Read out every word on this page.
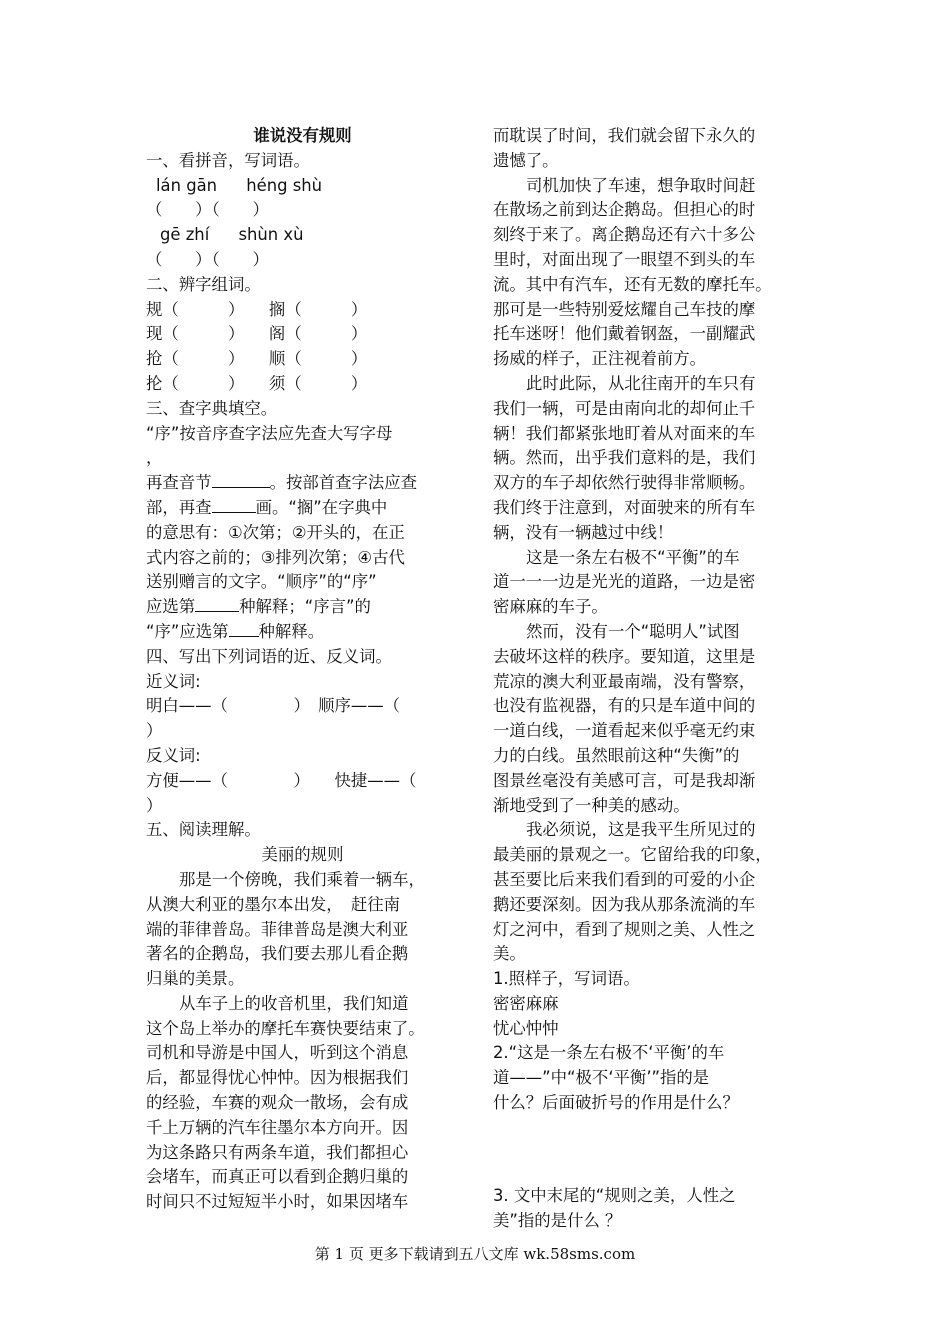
谁说没有规则
一、看拼音，写词语。
lán gān héng shù
（　　）（　　）
gē zhí shùn xù
（　　）（　　）
二、辨字组词。
规（　　　）　　搁（　　　）
现（　　　）　　阁（　　　）
抢（　　　）　　顺（　　　）
抡（　　　）　　须（　　　）
三、查字典填空。
“序”按音序查字法应先查大写字母
，
再查音节	。按部首查字法应查
部，再查	画。“搁”在字典中
的意思有：①次第；②开头的，在正
式内容之前的；③排列次第；④古代
送别赠言的文字。“顺序”的“序”
应选第	种解释；“序言”的
“序”应选第 种解释。
四、写出下列词语的近、反义词。
近义词:
明白——（　　　　）　顺序——（
）
反义词:
方便——（　　　　）　　快捷——（
）
五、阅读理解。
美丽的规则
那是一个傍晚，我们乘着一辆车，
从澳大利亚的墨尔本出发，　赶往南
端的菲律普岛。菲律普岛是澳大利亚
著名的企鹅岛，我们要去那儿看企鹅
归巢的美景。
从车子上的收音机里，我们知道
这个岛上举办的摩托车赛快要结束了。
司机和导游是中国人，听到这个消息
后，都显得忧心忡忡。因为根据我们
的经验，车赛的观众一散场，会有成
千上万辆的汽车往墨尔本方向开。因
为这条路只有两条车道，我们都担心
会堵车，而真正可以看到企鹅归巢的
时间只不过短短半小时，如果因堵车
而耽误了时间，我们就会留下永久的
遗憾了。
司机加快了车速，想争取时间赶
在散场之前到达企鹅岛。但担心的时
刻终于来了。离企鹅岛还有六十多公
里时，对面出现了一眼望不到头的车
流。其中有汽车，还有无数的摩托车。
那可是一些特别爱炫耀自己车技的摩
托车迷呀！他们戴着钢盔，一副耀武
扬威的样子，正注视着前方。
此时此际，从北往南开的车只有
我们一辆，可是由南向北的却何止千
辆！我们都紧张地盯着从对面来的车
辆。然而，出乎我们意料的是，我们
双方的车子却依然行驶得非常顺畅。
我们终于注意到，对面驶来的所有车
辆，没有一辆越过中线！
这是一条左右极不“平衡”的车
道一一一边是光光的道路，一边是密
密麻麻的车子。
然而，没有一个“聪明人”试图
去破坏这样的秩序。要知道，这里是
荒凉的澳大利亚最南端，没有警察，
也没有监视器，有的只是车道中间的
一道白线，一道看起来似乎毫无约束
力的白线。虽然眼前这种“失衡”的
图景丝毫没有美感可言，可是我却渐
渐地受到了一种美的感动。
我必须说，这是我平生所见过的
最美丽的景观之一。它留给我的印象，
甚至要比后来我们看到的可爱的小企
鹅还要深刻。因为我从那条流淌的车
灯之河中，看到了规则之美、人性之
美。
1.照样子，写词语。
密密麻麻
忧心忡忡
2.“这是一条左右极不‘平衡’的车
道——”中“极不‘平衡’”指的是
什么？后面破折号的作用是什么？
3. 文中末尾的“规则之美，人性之
美”指的是什么 ？
第 1 页 更多下载请到五八文库 wk.58sms.com
